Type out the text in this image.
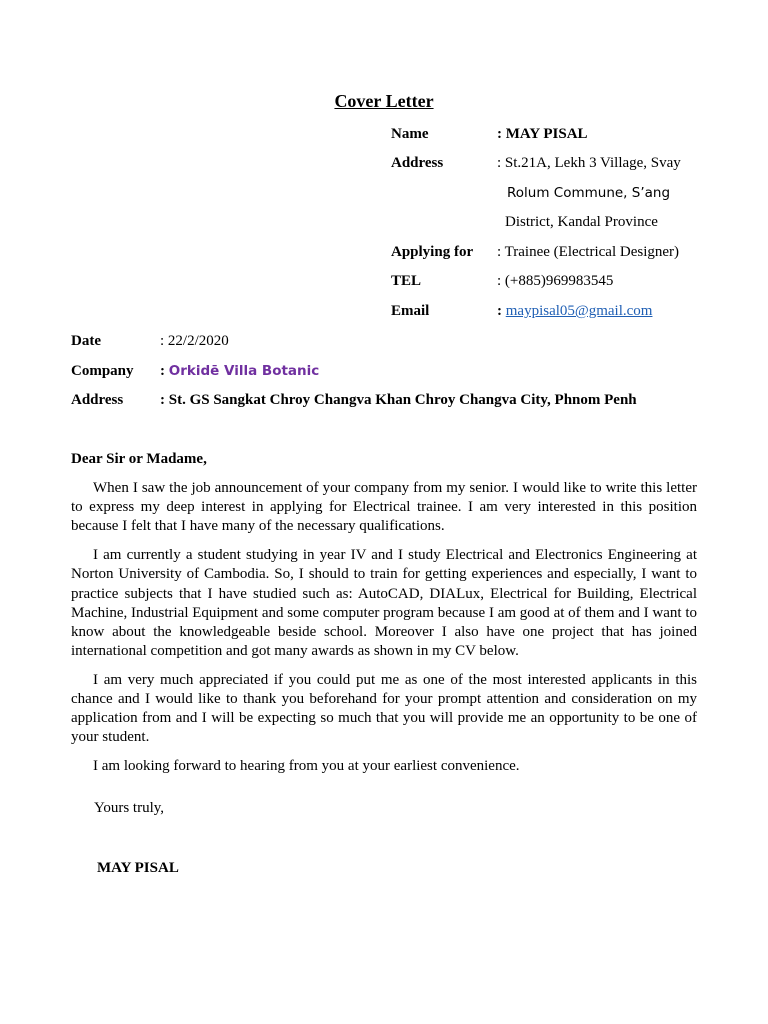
Cover Letter
Name	: MAY PISAL
Address	: St.21A, Lekh 3 Village, Svay
Rolum Commune, S’ang
District, Kandal Province
Applying for : Trainee (Electrical Designer)
TEL	: (+885)969983545
Email	: maypisal05@gmail.com
Date	: 22/2/2020
Company : Orkidē Villa Botanic
Address : St. GS Sangkat Chroy Changva Khan Chroy Changva City, Phnom Penh
Dear Sir or Madame,

When I saw the job announcement of your company from my senior. I would like to write this letter to express my deep interest in applying for Electrical trainee. I am very interested in this position because I felt that I have many of the necessary qualifications.

I am currently a student studying in year IV and I study Electrical and Electronics Engineering at Norton University of Cambodia. So, I should to train for getting experiences and especially, I want to practice subjects that I have studied such as: AutoCAD, DIALux, Electrical for Building, Electrical Machine, Industrial Equipment and some computer program because I am good at of them and I want to know about the knowledgeable beside school. Moreover I also have one project that has joined international competition and got many awards as shown in my CV below.

I am very much appreciated if you could put me as one of the most interested applicants in this chance and I would like to thank you beforehand for your prompt attention and consideration on my application from and I will be expecting so much that you will provide me an opportunity to be one of your student.

I am looking forward to hearing from you at your earliest convenience.

Yours truly,
MAY PISAL
